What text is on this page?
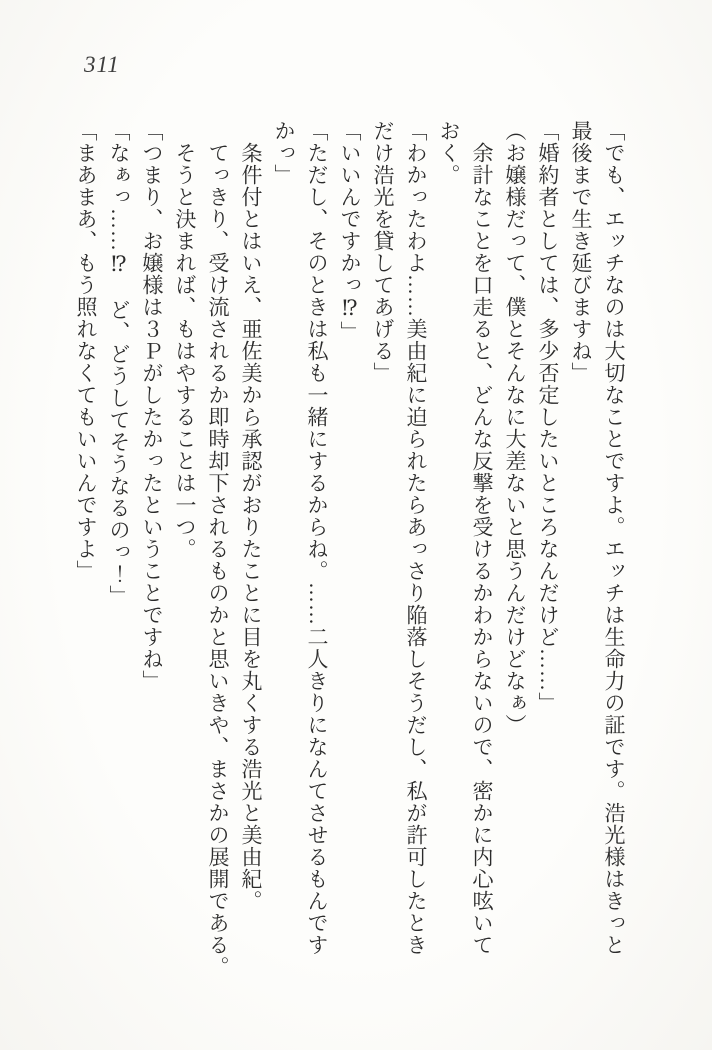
311

「でも、エッチなのは大切なことですよ。エッチは生命力の証です。浩光様はきっと

最後まで生き延びますね」

「婚約者としては、多少否定したいところなんだけど……」

（お嬢様だって、僕とそんなに大差ないと思うんだけどなぁ）

余計なことを口走ると、どんな反撃を受けるかわからないので、密かに内心呟いて

おく。

「わかったわよ……美由紀に迫られたらあっさり陥落しそうだし、私が許可したとき

だけ浩光を貸してあげる」

「いいんですかっ⁉」

「ただし、そのときは私も一緒にするからね。……二人きりになんてさせるもんです

かっ」

条件付とはいえ、亜佐美から承認がおりたことに目を丸くする浩光と美由紀。

てっきり、受け流されるか即時却下されるものかと思いきや、まさかの展開である。

そうと決まれば、もはやすることは一つ。

「つまり、お嬢様は３Ｐがしたかったということですね」

「なぁっ……⁉　ど、どうしてそうなるのっ！」

「まあまあ、もう照れなくてもいいんですよ」
